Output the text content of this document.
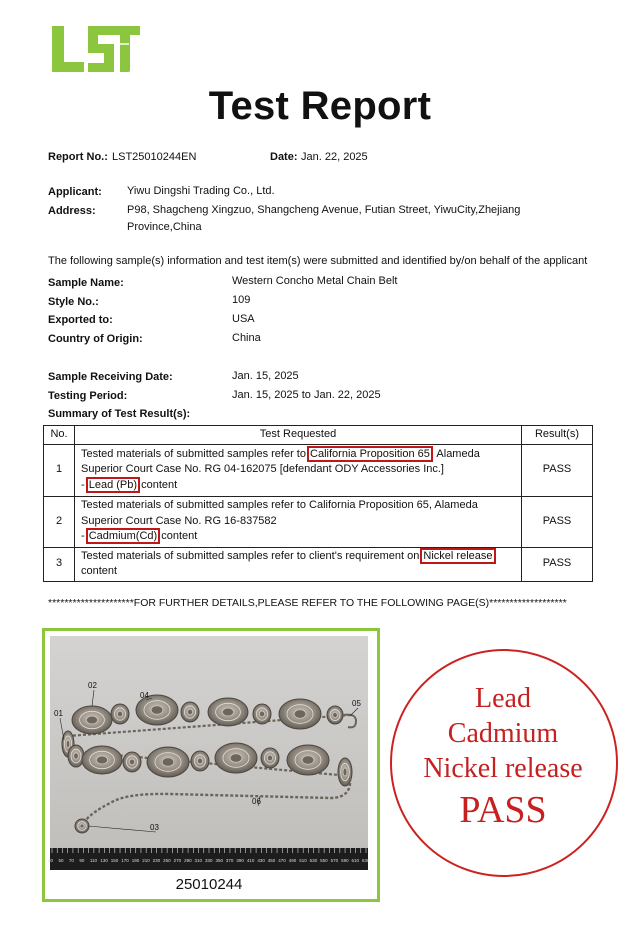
Test Report
Report No.: LST25010244EN	Date: Jan. 22, 2025
Applicant: Yiwu Dingshi Trading Co., Ltd.
Address:	P98, Shagcheng Xingzuo, Shangcheng Avenue, Futian Street, YiwuCity,Zhejiang
Province,China
The following sample(s) information and test item(s) were submitted and identified by/on behalf of the applicant
Sample Name:	Western Concho Metal Chain Belt
Style No.:	109
Exported to:	USA
Country of Origin:	China
Sample Receiving Date:	Jan. 15, 2025
Testing Period:	Jan. 15, 2025 to Jan. 22, 2025
Summary of Test Result(s):
No.	Test Requested	Result(s)
1	Tested materials of submitted samples refer to California Proposition 65, Alameda Superior Court Case No. RG 04-162075 [defendant ODY Accessories Inc.]
- Lead (Pb) content	PASS
2	Tested materials of submitted samples refer to California Proposition 65, Alameda Superior Court Case No. RG 16-837582
- Cadmium(Cd) content	PASS
3	Tested materials of submitted samples refer to client's requirement on Nickel release
content	PASS
*********************FOR FURTHER DETAILS,PLEASE REFER TO THE FOLLOWING PAGE(S)*******************
01
02
03
04
05
06
30 50 70 90 110 130 150 170 190 210 230 250 270 290 310 330 350 370 390 410 430 450 470 490 510 530 550 570 590 610 630
25010244
Lead
Cadmium
Nickel release
PASS
